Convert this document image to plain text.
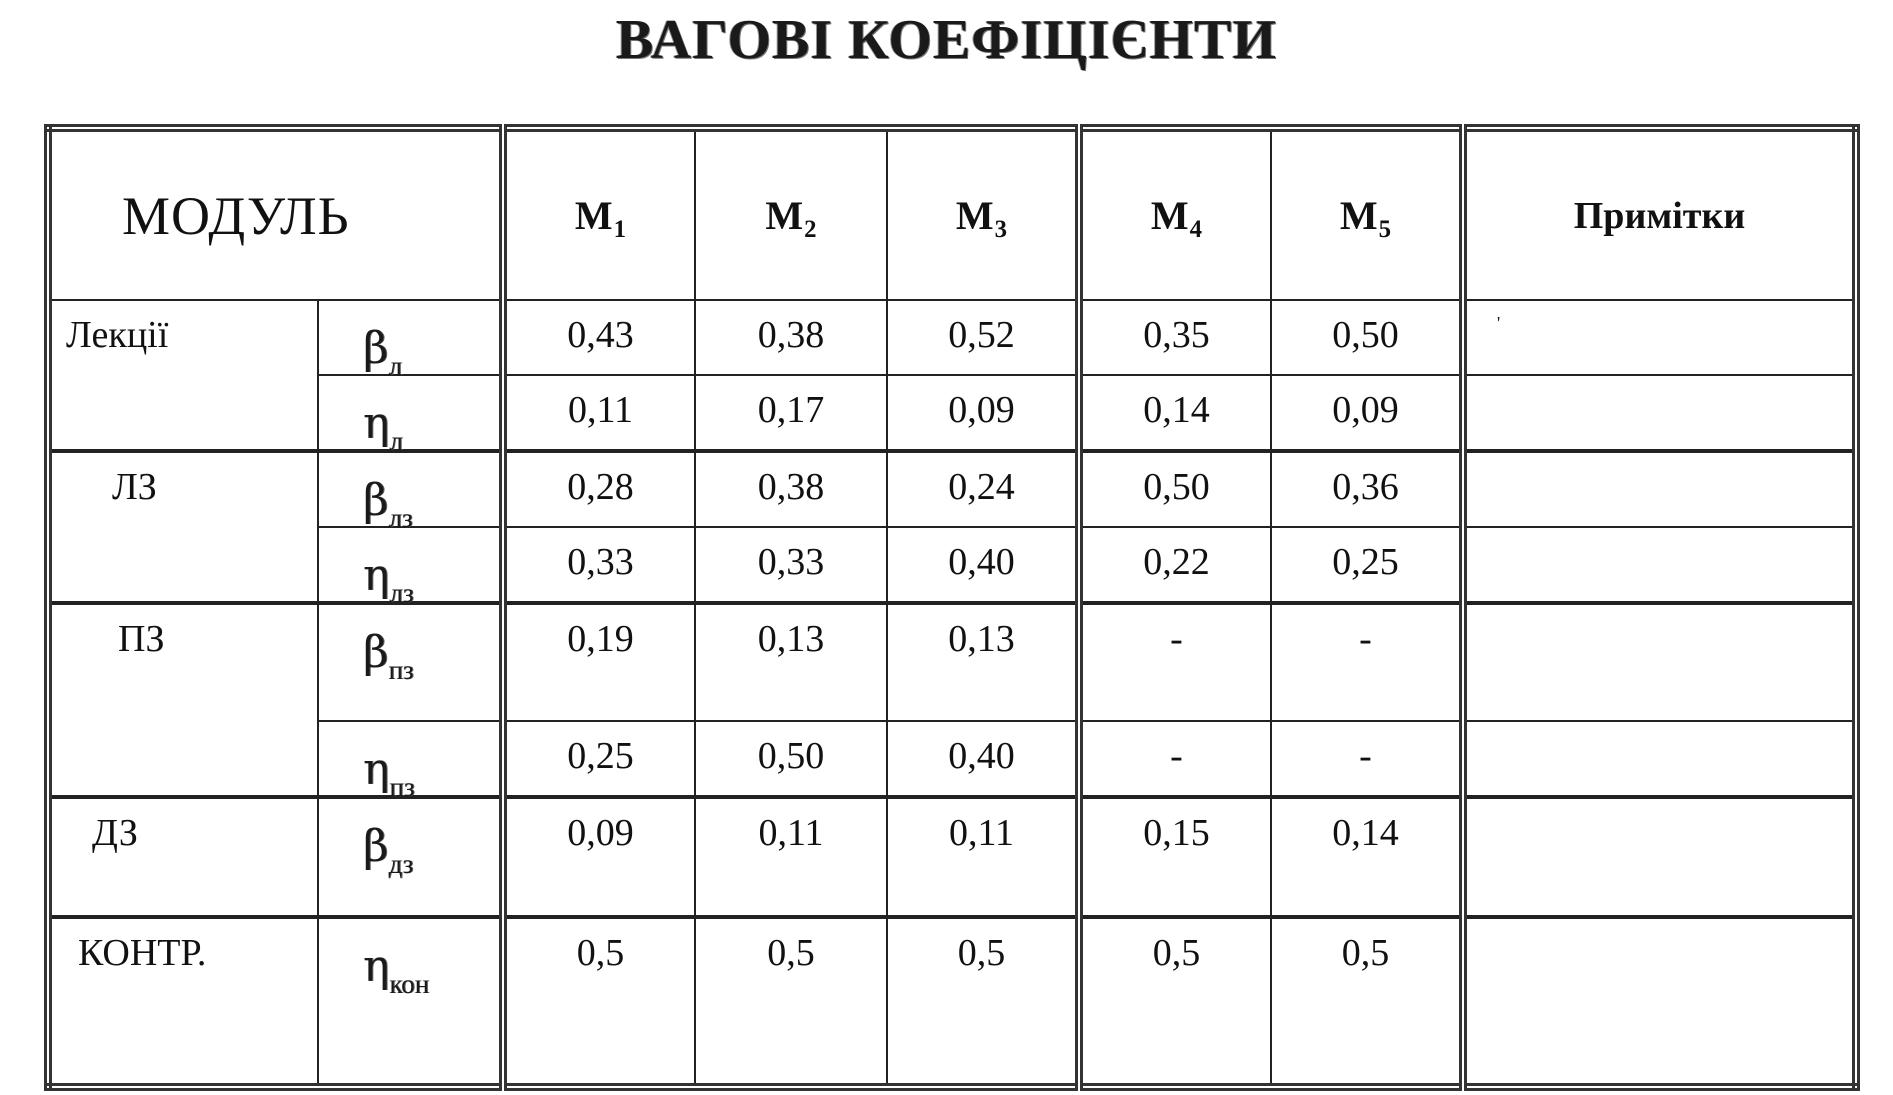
ВАГОВІ КОЕФІЦІЄНТИ
МОДУЛЬ		М1	М2	М3	М4	М5	Примітки
Лекції	$\beta_л$	0,43	0,38	0,52	0,35	0,50	'
	$\eta_л$	0,11	0,17	0,09	0,14	0,09	
ЛЗ	$\beta_{лз}$	0,28	0,38	0,24	0,50	0,36	
	$\eta_{лз}$	0,33	0,33	0,40	0,22	0,25	
ПЗ	$\beta_{пз}$	0,19	0,13	0,13	-	-	
	$\eta_{пз}$	0,25	0,50	0,40	-	-	
ДЗ	$\beta_{дз}$	0,09	0,11	0,11	0,15	0,14	
КОНТР.	$\eta_{кон}$	0,5	0,5	0,5	0,5	0,5	
